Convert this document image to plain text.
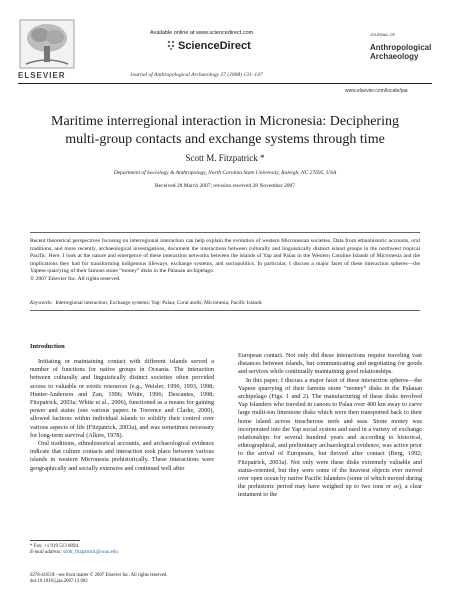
ELSEVIER
Available online at www.sciencedirect.com
ScienceDirect
Journal of Anthropological Archaeology 27 (2008) 131–147
JOURNAL OF
Anthropological
Archaeology
www.elsevier.com/locate/jaa
Maritime interregional interaction in Micronesia: Deciphering
multi-group contacts and exchange systems through time
Scott M. Fitzpatrick *
Department of Sociology & Anthropology, North Carolina State University, Raleigh, NC 27695, USA
Received 28 March 2007; revision received 28 November 2007
Recent theoretical perspectives focusing on interregional interaction can help explain the evolution of western Micronesian societies. Data from ethnohistoric accounts, oral traditions, and more recently, archaeological investigations, document the interactions between culturally and linguistically distinct island groups in the northwest tropical Pacific. Here, I look at the nature and emergence of these interaction networks between the islands of Yap and Palau in the Western Caroline Islands of Micronesia and the implications they had for transforming indigenous lifeways, exchange systems, and sociopolitics. In particular, I discuss a major facet of these interaction spheres—the Yapese quarrying of their famous stone “money” disks in the Palauan archipelago.
© 2007 Elsevier Inc. All rights reserved.
Keywords: Interregional interaction; Exchange systems; Yap; Palau; Coral atolls; Micronesia; Pacific Islands
Introduction

Initiating or maintaining contact with different islands served a number of functions for native groups in Oceania. The interaction between culturally and linguistically distinct societies often provided access to valuable or exotic resources (e.g., Weisler, 1990, 1993, 1998; Hunter-Anderson and Zan, 1996; White, 1996; Descantes, 1998; Fitzpatrick, 2003a; White et al., 2006), functioned as a means for gaining power and status (see various papers in Torrence and Clarke, 2000), allowed factions within individual islands to solidify their control over various aspects of life (Fitzpatrick, 2003a), and was sometimes necessary for long-term survival (Alkire, 1978).

Oral traditions, ethnohistorical accounts, and archaeological evidence indicate that culture contacts and interaction took place between various islands in western Micronesia prehistorically. These interactions were geographically and socially extensive and continued well after

European contact. Not only did these interactions require traveling vast distances between islands, but communicating and negotiating for goods and services while continually maintaining good relationships.

In this paper, I discuss a major facet of these interaction spheres—the Yapese quarrying of their famous stone “money” disks in the Palauan archipelago (Figs. 1 and 2). The manufacturing of these disks involved Yap Islanders who traveled in canoes to Palau over 400 km away to carve large multi-ton limestone disks which were then transported back to their home island across treacherous reefs and seas. Stone money was incorporated into the Yap social system and used in a variety of exchange relationships for several hundred years and according to historical, ethnographical, and preliminary archaeological evidence, was active prior to the arrival of Europeans, but thrived after contact (Berg, 1992; Fitzpatrick, 2003a). Not only were these disks extremely valuable and status-oriented, but they were some of the heaviest objects ever moved over open ocean by native Pacific Islanders (some of which moved during the prehistoric period may have weighed up to two tons or so), a clear testament to the

* Fax: +1 919 513 0094.
E-mail address: scott_fitzpatrick@ncsu.edu
0278-4165/$ - see front matter © 2007 Elsevier Inc. All rights reserved.
doi:10.1016/j.jaa.2007.12.002
